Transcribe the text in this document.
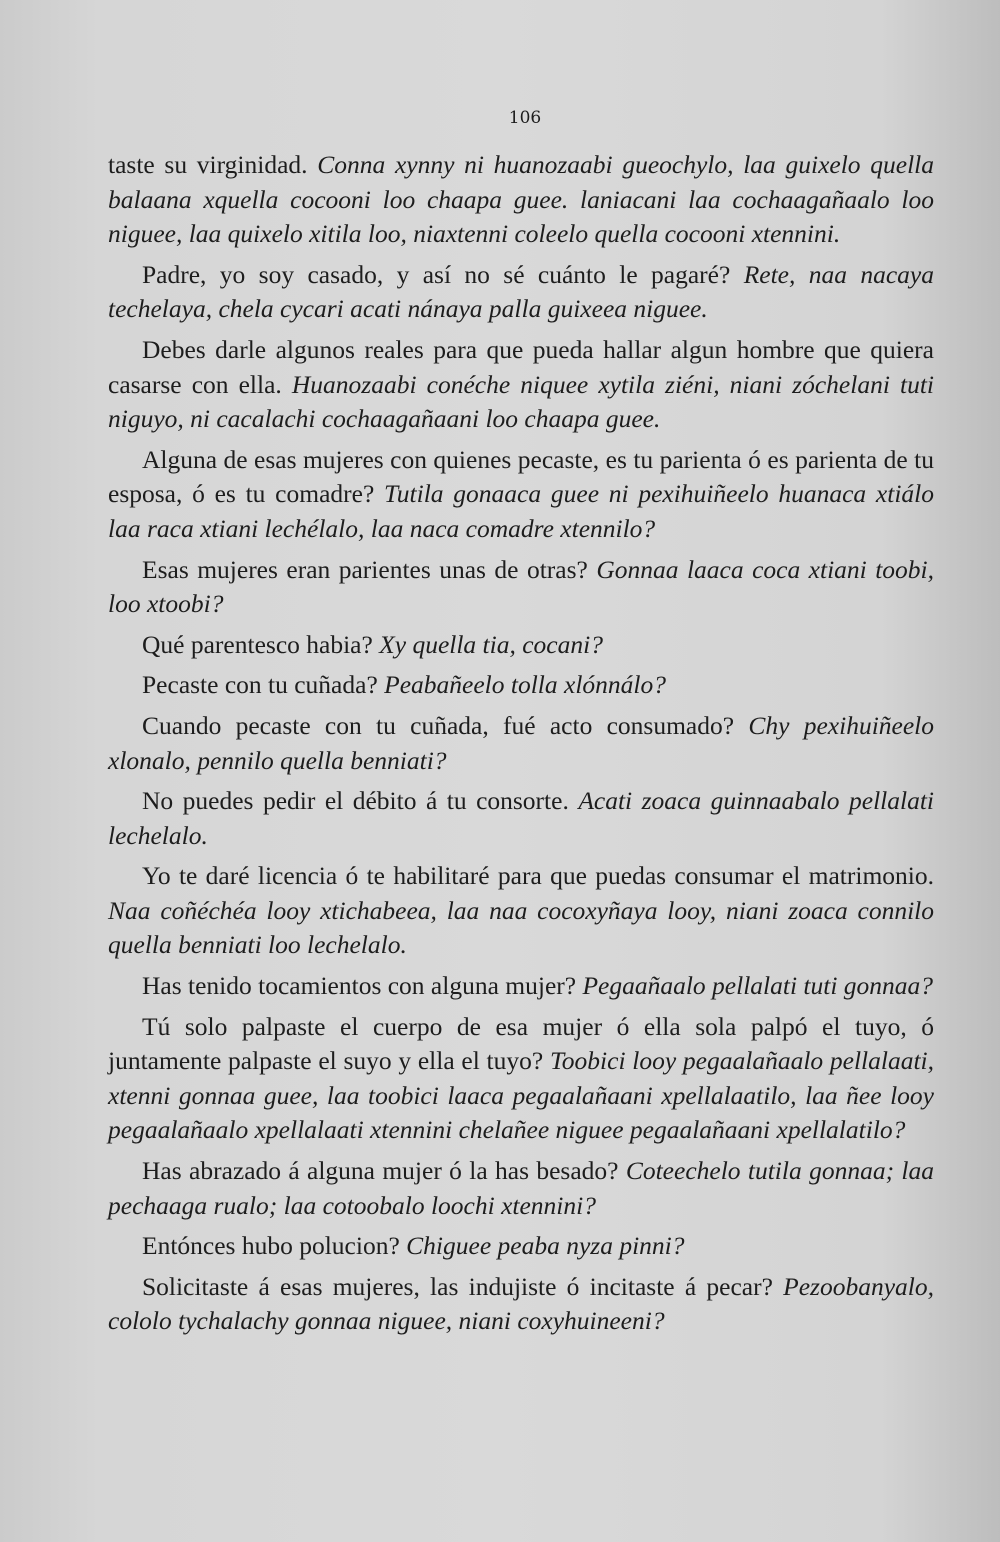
106

taste su virginidad. Conna xynny ni huanozaabi gueochylo, laa guixelo quella balaana xquella cocooni loo chaapa guee. laniacani laa cochaagañaalo loo niguee, laa quixelo xitila loo, niaxtenni coleelo quella cocooni xtennini.

Padre, yo soy casado, y así no sé cuánto le pagaré? Rete, naa nacaya techelaya, chela cycari acati nánaya palla guixeea niguee.

Debes darle algunos reales para que pueda hallar algun hombre que quiera casarse con ella. Huanozaabi conéche niquee xytila ziéni, niani zóchelani tuti niguyo, ni cacalachi cochaagañaani loo chaapa guee.

Alguna de esas mujeres con quienes pecaste, es tu parienta ó es parienta de tu esposa, ó es tu comadre? Tutila gonaaca guee ni pexihuiñeelo huanaca xtiálo laa raca xtiani lechélalo, laa naca comadre xtennilo?

Esas mujeres eran parientes unas de otras? Gonnaa laaca coca xtiani toobi, loo xtoobi?

Qué parentesco habia? Xy quella tia, cocani?

Pecaste con tu cuñada? Peabañeelo tolla xlónnálo?

Cuando pecaste con tu cuñada, fué acto consumado? Chy pexihuiñeelo xlonalo, pennilo quella benniati?

No puedes pedir el débito á tu consorte. Acati zoaca guinnaabalo pellalati lechelalo.

Yo te daré licencia ó te habilitaré para que puedas consumar el matrimonio. Naa coñéchéa looy xtichabeea, laa naa cocoxyñaya looy, niani zoaca connilo quella benniati loo lechelalo.

Has tenido tocamientos con alguna mujer? Pegaañaalo pellalati tuti gonnaa?

Tú solo palpaste el cuerpo de esa mujer ó ella sola palpó el tuyo, ó juntamente palpaste el suyo y ella el tuyo? Toobici looy pegaalañaalo pellalaati, xtenni gonnaa guee, laa toobici laaca pegaalañaani xpellalaatilo, laa ñee looy pegaalañaalo xpellalaati xtennini chelañee niguee pegaalañaani xpellalatilo?

Has abrazado á alguna mujer ó la has besado? Coteechelo tutila gonnaa; laa pechaaga rualo; laa cotoobalo loochi xtennini?

Entónces hubo polucion? Chiguee peaba nyza pinni?

Solicitaste á esas mujeres, las indujiste ó incitaste á pecar? Pezoobanyalo, cololo tychalachy gonnaa niguee, niani coxyhuineeni?
